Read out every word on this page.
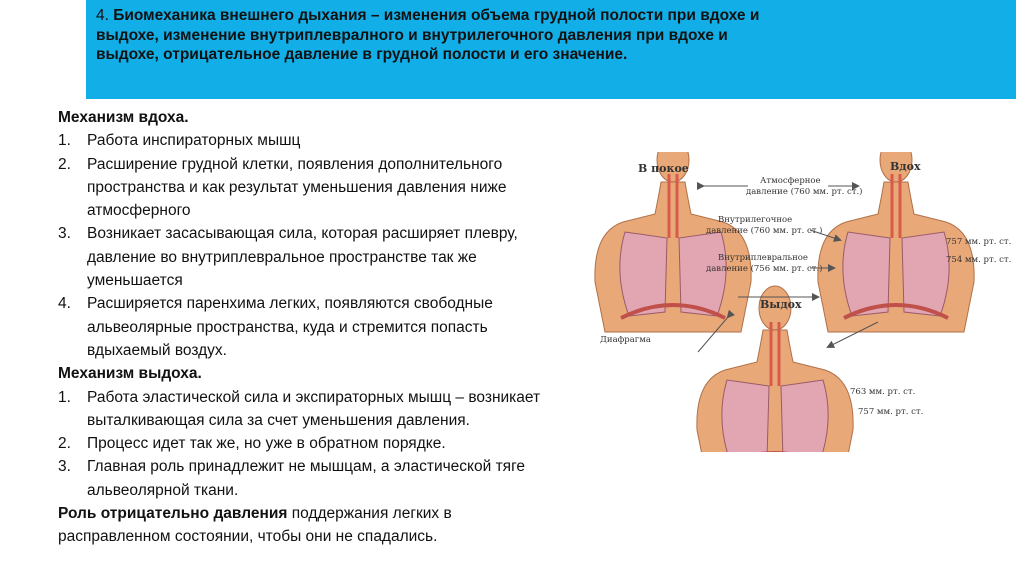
4. Биомеханика внешнего дыхания – изменения объема грудной полости при вдохе и выдохе, изменение внутриплевралного и внутрилегочного давления при вдохе и выдохе, отрицательное давление в грудной полости и его значение.
Механизм вдоха.
1. Работа инспираторных мышц
2. Расширение грудной клетки, появления дополнительного пространства и как результат уменьшения давления ниже атмосферного
3. Возникает засасывающая сила, которая расширяет плевру, давление во внутриплевральное пространстве так же уменьшается
4. Расширяется паренхима легких, появляются свободные альвеолярные пространства, куда и стремится попасть вдыхаемый воздух.
Механизм выдоха.
1. Работа эластической сила и экспираторных мышц – возникает выталкивающая сила за счет уменьшения давления.
2. Процесс идет так же, но уже в обратном порядке.
3. Главная роль принадлежит не мышцам, а эластической тяге альвеолярной ткани.
Роль отрицательно давления поддержания легких в расправленном состоянии, чтобы они не спадались.
В покое	Вдох
Выдох
Атмосферное
давление (760 мм. рт. ст.)
Внутрилегочное
давление (760 мм. рт. ст.)
Внутриплевральное
давление (756 мм. рт. ст.)
Диафрагма
757 мм. рт. ст.
754 мм. рт. ст.
763 мм. рт. ст.
757 мм. рт. ст.
